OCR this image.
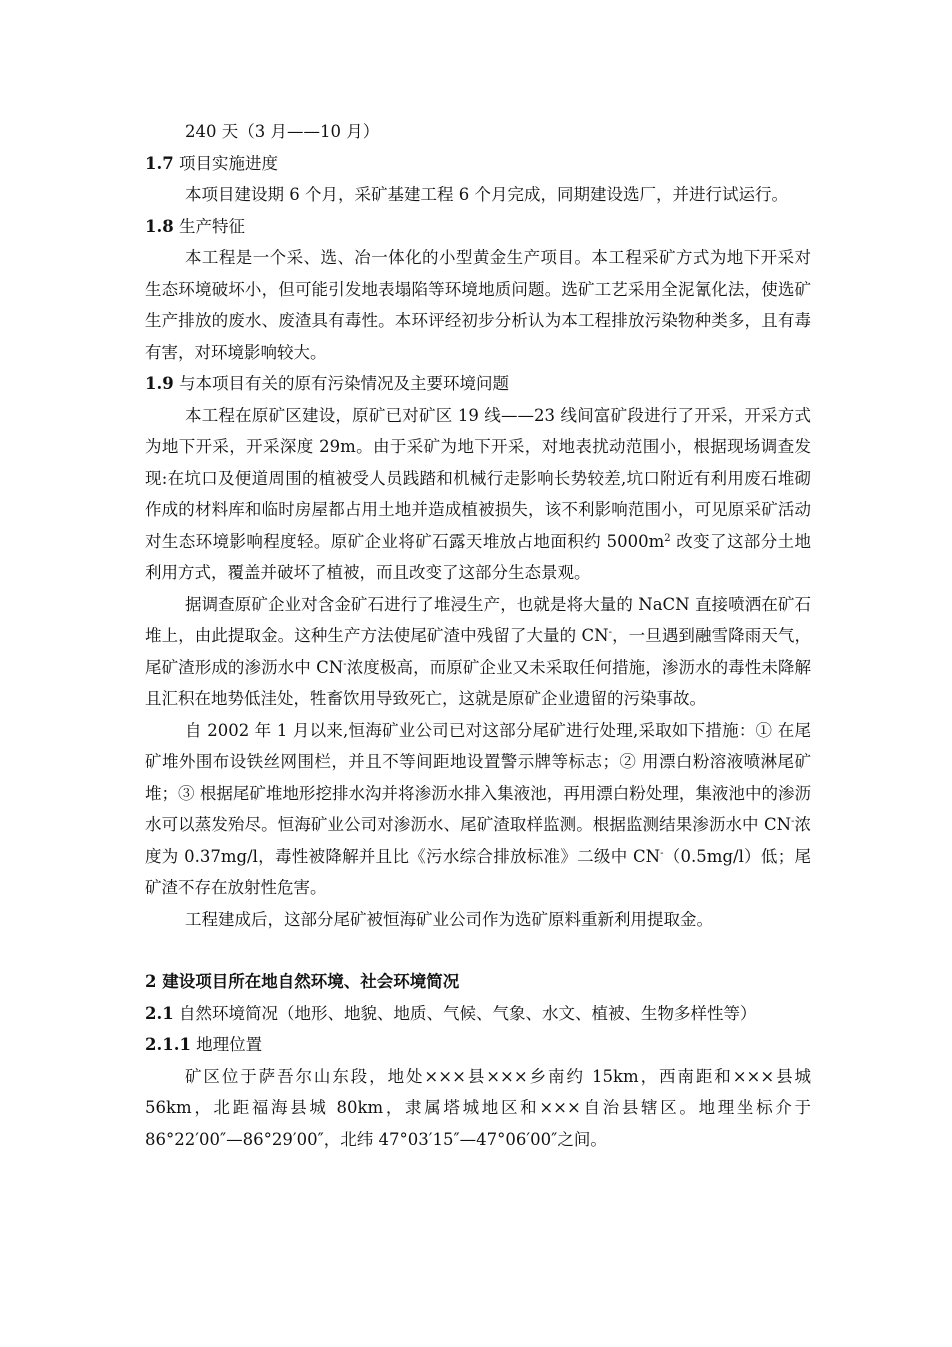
240 天（3 月——10 月）

1.7 项目实施进度

本项目建设期 6 个月，采矿基建工程 6 个月完成，同期建设选厂，并进行试运行。

1.8 生产特征

本工程是一个采、选、冶一体化的小型黄金生产项目。本工程采矿方式为地下开采对生态环境破坏小，但可能引发地表塌陷等环境地质问题。选矿工艺采用全泥氰化法，使选矿生产排放的废水、废渣具有毒性。本环评经初步分析认为本工程排放污染物种类多，且有毒有害，对环境影响较大。

1.9 与本项目有关的原有污染情况及主要环境问题

本工程在原矿区建设，原矿已对矿区 19 线——23 线间富矿段进行了开采，开采方式为地下开采，开采深度 29m。由于采矿为地下开采，对地表扰动范围小，根据现场调查发现:在坑口及便道周围的植被受人员践踏和机械行走影响长势较差,坑口附近有利用废石堆砌作成的材料库和临时房屋都占用土地并造成植被损失，该不利影响范围小，可见原采矿活动对生态环境影响程度轻。原矿企业将矿石露天堆放占地面积约 $5000m^2$ 改变了这部分土地利用方式，覆盖并破坏了植被，而且改变了这部分生态景观。

据调查原矿企业对含金矿石进行了堆浸生产，也就是将大量的 NaCN 直接喷洒在矿石堆上，由此提取金。这种生产方法使尾矿渣中残留了大量的 CN-，一旦遇到融雪降雨天气，尾矿渣形成的渗沥水中 CN-浓度极高，而原矿企业又未采取任何措施，渗沥水的毒性未降解且汇积在地势低洼处，牲畜饮用导致死亡，这就是原矿企业遗留的污染事故。

自 2002 年 1 月以来,恒海矿业公司已对这部分尾矿进行处理,采取如下措施：① 在尾矿堆外围布设铁丝网围栏，并且不等间距地设置警示牌等标志；② 用漂白粉溶液喷淋尾矿堆；③ 根据尾矿堆地形挖排水沟并将渗沥水排入集液池，再用漂白粉处理，集液池中的渗沥水可以蒸发殆尽。恒海矿业公司对渗沥水、尾矿渣取样监测。根据监测结果渗沥水中 CN-浓度为 0.37mg/l，毒性被降解并且比《污水综合排放标准》二级中 CN-（0.5mg/l）低；尾矿渣不存在放射性危害。

工程建成后，这部分尾矿被恒海矿业公司作为选矿原料重新利用提取金。

2 建设项目所在地自然环境、社会环境简况

2.1 自然环境简况（地形、地貌、地质、气候、气象、水文、植被、生物多样性等）

2.1.1 地理位置

矿区位于萨吾尔山东段，地处×××县×××乡南约 15km，西南距和×××县城 56km，北距福海县城 80km，隶属塔城地区和×××自治县辖区。地理坐标介于 86°22′00″—86°29′00″，北纬 47°03′15″—47°06′00″之间。
